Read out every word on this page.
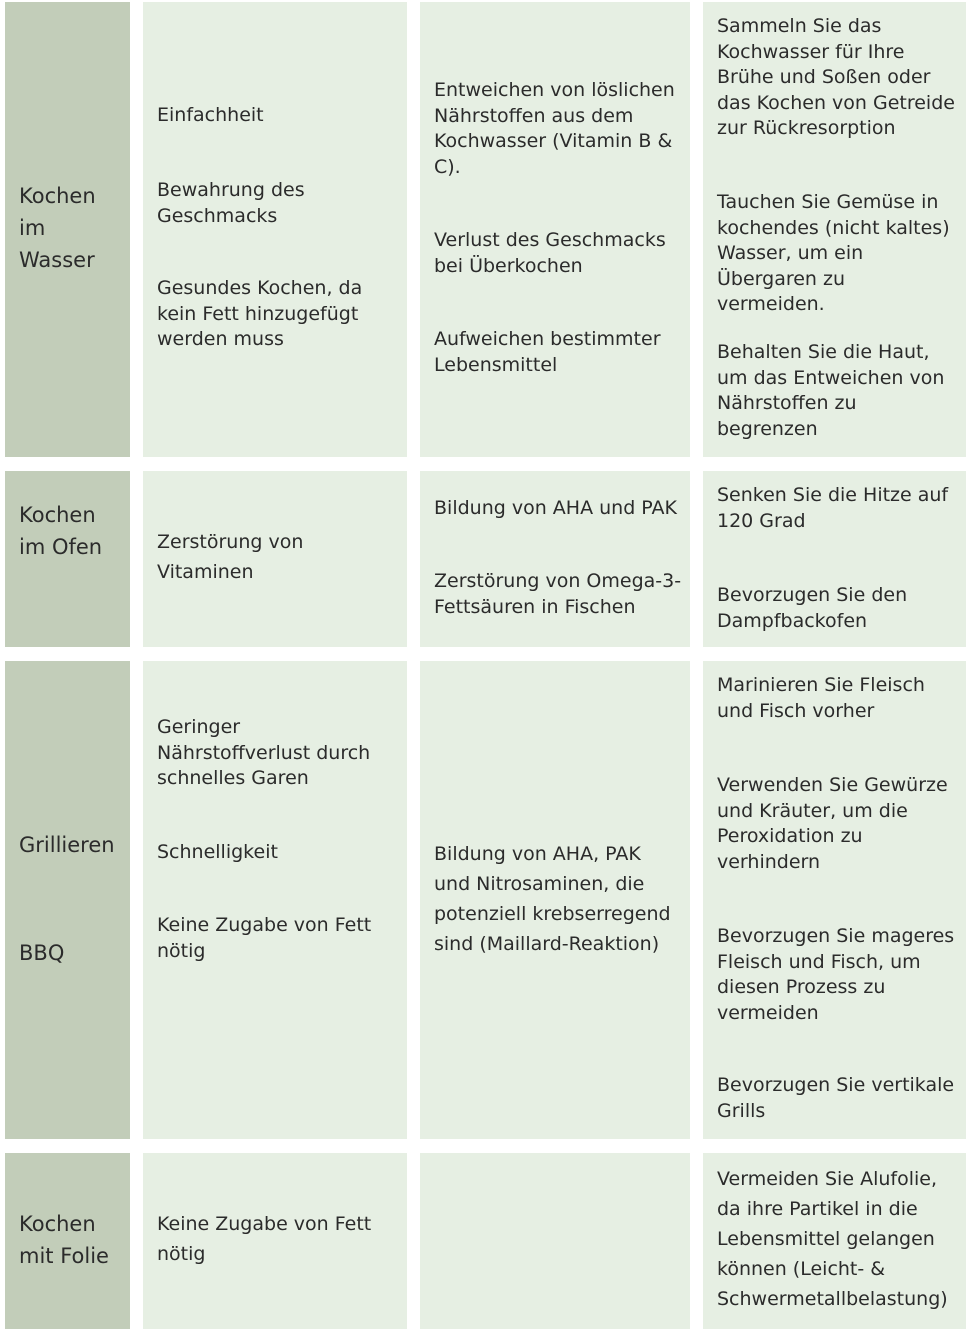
Kochen
im
Wasser
Einfachheit
Bewahrung des
Geschmacks
Gesundes Kochen, da
kein Fett hinzugefügt
werden muss
Entweichen von löslichen
Nährstoffen aus dem
Kochwasser (Vitamin B &
C).
Verlust des Geschmacks
bei Überkochen
Aufweichen bestimmter
Lebensmittel
Sammeln Sie das
Kochwasser für Ihre
Brühe und Soßen oder
das Kochen von Getreide
zur Rückresorption
Tauchen Sie Gemüse in
kochendes (nicht kaltes)
Wasser, um ein
Übergaren zu vermeiden.
Behalten Sie die Haut,
um das Entweichen von
Nährstoffen zu
begrenzen
Kochen
im Ofen	Zerstörung von
Vitaminen
Bildung von AHA und PAK
Zerstörung von Omega-3-
Fettsäuren in Fischen
Senken Sie die Hitze auf
120 Grad
Bevorzugen Sie den
Dampfbackofen
Grillieren
BBQ
Geringer
Nährstoffverlust durch
schnelles Garen
Schnelligkeit
Keine Zugabe von Fett
nötig
Bildung von AHA, PAK
und Nitrosaminen, die
potenziell krebserregend
sind (Maillard-Reaktion)
Marinieren Sie Fleisch
und Fisch vorher
Verwenden Sie Gewürze
und Kräuter, um die
Peroxidation zu
verhindern
Bevorzugen Sie mageres
Fleisch und Fisch, um
diesen Prozess zu
vermeiden
Bevorzugen Sie vertikale
Grills
Kochen
mit Folie
Keine Zugabe von Fett
nötig
Vermeiden Sie Alufolie,
da ihre Partikel in die
Lebensmittel gelangen
können (Leicht- &
Schwermetallbelastung)
